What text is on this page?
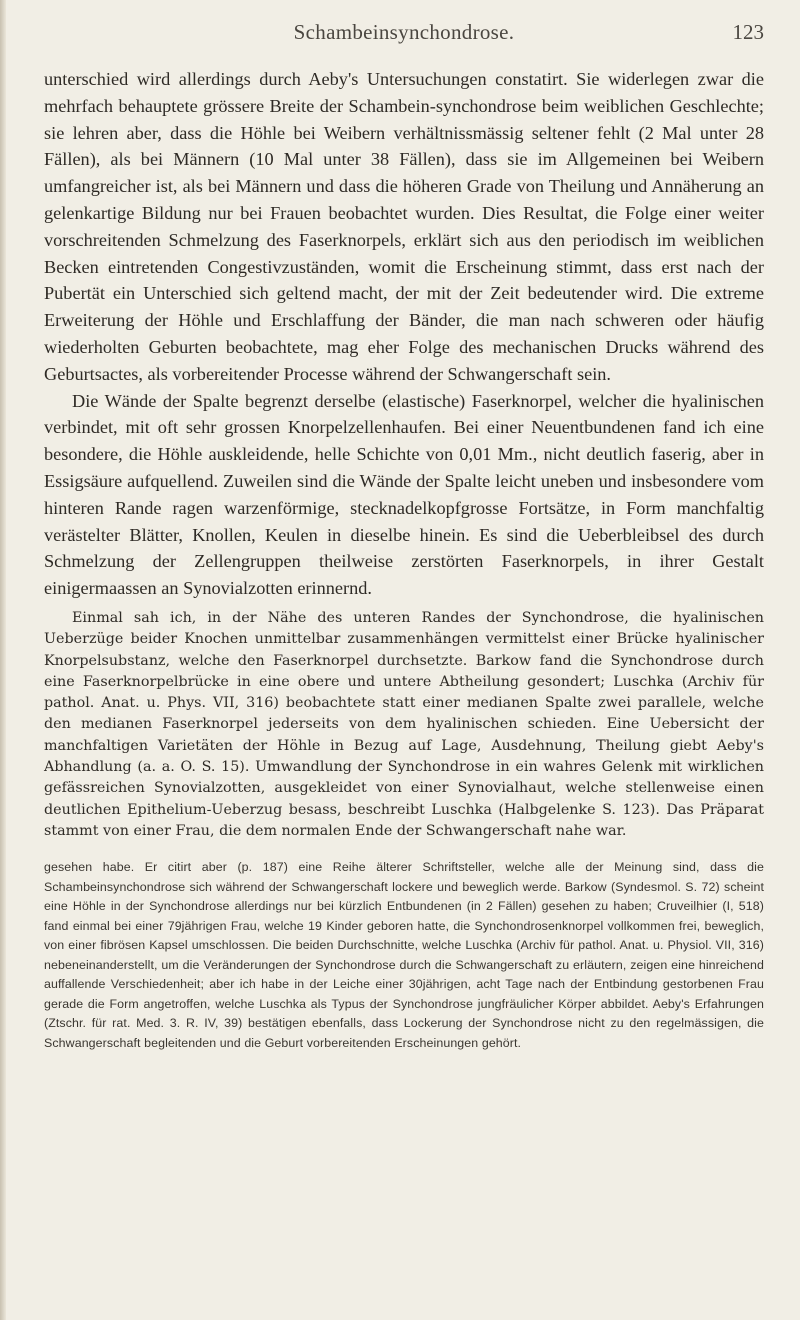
Schambeinsynchondrose.	123

unterschied wird allerdings durch Aeby's Untersuchungen constatirt. Sie widerlegen zwar die mehrfach behauptete grössere Breite der Schambein-synchondrose beim weiblichen Geschlechte; sie lehren aber, dass die Höhle bei Weibern verhältnissmässig seltener fehlt (2 Mal unter 28 Fällen), als bei Männern (10 Mal unter 38 Fällen), dass sie im Allgemeinen bei Weibern umfangreicher ist, als bei Männern und dass die höheren Grade von Theilung und Annäherung an gelenkartige Bildung nur bei Frauen beobachtet wurden. Dies Resultat, die Folge einer weiter vorschreitenden Schmelzung des Faserknorpels, erklärt sich aus den periodisch im weiblichen Becken eintretenden Congestivzuständen, womit die Erscheinung stimmt, dass erst nach der Pubertät ein Unterschied sich geltend macht, der mit der Zeit bedeutender wird. Die extreme Erweiterung der Höhle und Erschlaffung der Bänder, die man nach schweren oder häufig wiederholten Geburten beobachtete, mag eher Folge des mechanischen Drucks während des Geburtsactes, als vorbereitender Processe während der Schwangerschaft sein.

Die Wände der Spalte begrenzt derselbe (elastische) Faserknorpel, welcher die hyalinischen verbindet, mit oft sehr grossen Knorpelzellenhaufen. Bei einer Neuentbundenen fand ich eine besondere, die Höhle auskleidende, helle Schichte von 0,01 Mm., nicht deutlich faserig, aber in Essigsäure aufquellend. Zuweilen sind die Wände der Spalte leicht uneben und insbesondere vom hinteren Rande ragen warzenförmige, stecknadelkopfgrosse Fortsätze, in Form manchfaltig verästelter Blätter, Knollen, Keulen in dieselbe hinein. Es sind die Ueberbleibsel des durch Schmelzung der Zellengruppen theilweise zerstörten Faserknorpels, in ihrer Gestalt einigermaassen an Synovialzotten erinnernd.

Einmal sah ich, in der Nähe des unteren Randes der Synchondrose, die hyalinischen Ueberzüge beider Knochen unmittelbar zusammenhängen vermittelst einer Brücke hyalinischer Knorpelsubstanz, welche den Faserknorpel durchsetzte. Barkow fand die Synchondrose durch eine Faserknorpelbrücke in eine obere und untere Abtheilung gesondert; Luschka (Archiv für pathol. Anat. u. Phys. VII, 316) beobachtete statt einer medianen Spalte zwei parallele, welche den medianen Faserknorpel jederseits von dem hyalinischen schieden. Eine Uebersicht der manchfaltigen Varietäten der Höhle in Bezug auf Lage, Ausdehnung, Theilung giebt Aeby's Abhandlung (a. a. O. S. 15). Umwandlung der Synchondrose in ein wahres Gelenk mit wirklichen gefässreichen Synovialzotten, ausgekleidet von einer Synovialhaut, welche stellenweise einen deutlichen Epithelium-Ueberzug besass, beschreibt Luschka (Halbgelenke S. 123). Das Präparat stammt von einer Frau, die dem normalen Ende der Schwangerschaft nahe war.

gesehen habe. Er citirt aber (p. 187) eine Reihe älterer Schriftsteller, welche alle der Meinung sind, dass die Schambeinsynchondrose sich während der Schwangerschaft lockere und beweglich werde. Barkow (Syndesmol. S. 72) scheint eine Höhle in der Synchondrose allerdings nur bei kürzlich Entbundenen (in 2 Fällen) gesehen zu haben; Cruveilhier (I, 518) fand einmal bei einer 79jährigen Frau, welche 19 Kinder geboren hatte, die Synchondrosenknorpel vollkommen frei, beweglich, von einer fibrösen Kapsel umschlossen. Die beiden Durchschnitte, welche Luschka (Archiv für pathol. Anat. u. Physiol. VII, 316) nebeneinanderstellt, um die Veränderungen der Synchondrose durch die Schwangerschaft zu erläutern, zeigen eine hinreichend auffallende Verschiedenheit; aber ich habe in der Leiche einer 30jährigen, acht Tage nach der Entbindung gestorbenen Frau gerade die Form angetroffen, welche Luschka als Typus der Synchondrose jungfräulicher Körper abbildet. Aeby's Erfahrungen (Ztschr. für rat. Med. 3. R. IV, 39) bestätigen ebenfalls, dass Lockerung der Synchondrose nicht zu den regelmässigen, die Schwangerschaft begleitenden und die Geburt vorbereitenden Erscheinungen gehört.
